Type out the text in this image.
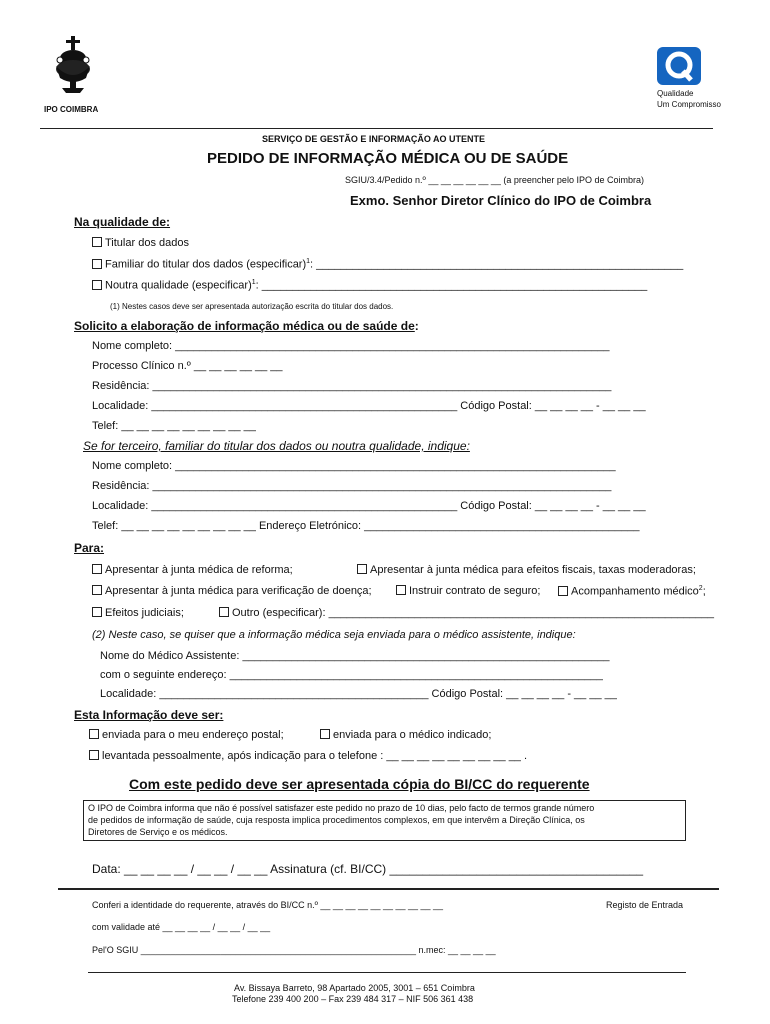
IPO COIMBRA
Qualidade
Um Compromisso
SERVIÇO DE GESTÃO E INFORMAÇÃO AO UTENTE
PEDIDO DE INFORMAÇÃO MÉDICA OU DE SAÚDE
SGIU/3.4/Pedido n.º __ __ __ __ __ __ (a preencher pelo IPO de Coimbra)
Exmo. Senhor Diretor Clínico do IPO de Coimbra
Na qualidade de:
Titular dos dados
Familiar do titular dos dados (especificar)$^1$: ____________________________________________________________
Noutra qualidade (especificar)$^1$: _______________________________________________________________
(1) Nestes casos deve ser apresentada autorização escrita do titular dos dados.
Solicito a elaboração de informação médica ou de saúde de:
Nome completo: _______________________________________________________________________
Processo Clínico n.º __ __ __ __ __ __
Residência: ___________________________________________________________________________
Localidade: __________________________________________________ Código Postal: __ __ __ __ - __ __ __
Telef: __ __ __ __ __ __ __ __ __
Se for terceiro, familiar do titular dos dados ou noutra qualidade, indique:
Nome completo: ________________________________________________________________________
Residência: ___________________________________________________________________________
Localidade: __________________________________________________ Código Postal: __ __ __ __ - __ __ __
Telef: __ __ __ __ __ __ __ __ __ Endereço Eletrónico: _____________________________________________
Para:
Apresentar à junta médica de reforma;	Apresentar à junta médica para efeitos fiscais, taxas moderadoras;
Apresentar à junta médica para verificação de doença;	Instruir contrato de seguro;	Acompanhamento médico$^2$;
Efeitos judiciais;	Outro (especificar): _______________________________________________________________
(2) Neste caso, se quiser que a informação médica seja enviada para o médico assistente, indique:
Nome do Médico Assistente: ____________________________________________________________
com o seguinte endereço: _____________________________________________________________
Localidade: ____________________________________________ Código Postal: __ __ __ __ - __ __ __
Esta Informação deve ser:
enviada para o meu endereço postal;	enviada para o médico indicado;
levantada pessoalmente, após indicação para o telefone : __ __ __ __ __ __ __ __ __ .
Com este pedido deve ser apresentada cópia do BI/CC do requerente
O IPO de Coimbra informa que não é possível satisfazer este pedido no prazo de 10 dias, pelo facto de termos grande número
de pedidos de informação de saúde, cuja resposta implica procedimentos complexos, em que intervêm a Direção Clínica, os
Diretores de Serviço e os médicos.
Data: __ __ __ __ / __ __ / __ __ Assinatura (cf. BI/CC) ______________________________________
Conferi a identidade do requerente, através do BI/CC n.º __ __ __ __ __ __ __ __ __ __	Registo de Entrada
com validade até __ __ __ __ / __ __ / __ __
Pel'O SGIU _______________________________________________________ n.mec: __ __ __ __
Av. Bissaya Barreto, 98 Apartado 2005, 3001 – 651 Coimbra
Telefone 239 400 200 – Fax 239 484 317 – NIF 506 361 438
